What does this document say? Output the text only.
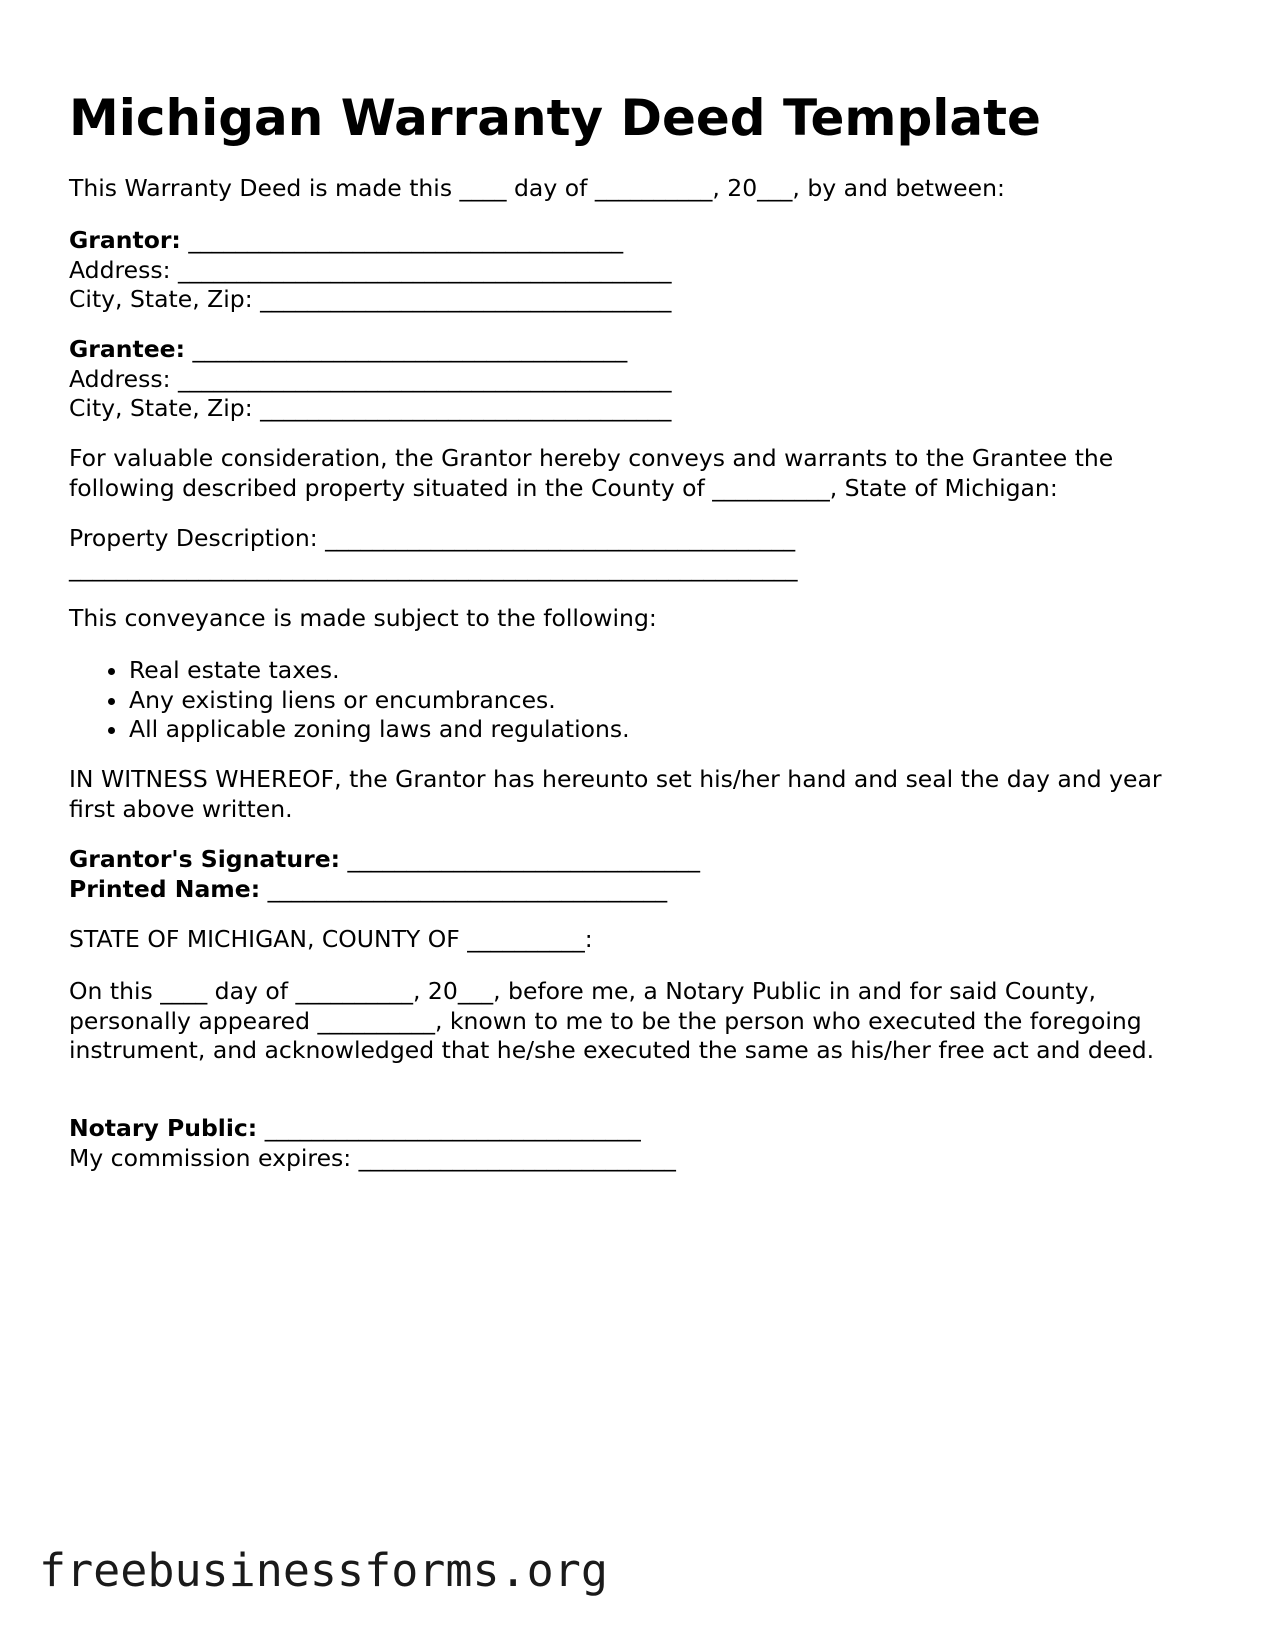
Michigan Warranty Deed Template

This Warranty Deed is made this ____ day of __________, 20___, by and between:

Grantor: _____________________________________
Address: __________________________________________
City, State, Zip: ___________________________________
Grantee: _____________________________________
Address: __________________________________________
City, State, Zip: ___________________________________

For valuable consideration, the Grantor hereby conveys and warrants to the Grantee the following described property situated in the County of __________, State of Michigan:

Property Description: ________________________________________
______________________________________________________________

This conveyance is made subject to the following:

• Real estate taxes.
• Any existing liens or encumbrances.
• All applicable zoning laws and regulations.

IN WITNESS WHEREOF, the Grantor has hereunto set his/her hand and seal the day and year first above written.

Grantor's Signature: ______________________________
Printed Name: __________________________________

STATE OF MICHIGAN, COUNTY OF __________:

On this ____ day of __________, 20___, before me, a Notary Public in and for said County, personally appeared __________, known to me to be the person who executed the foregoing instrument, and acknowledged that he/she executed the same as his/her free act and deed.

Notary Public: ________________________________
My commission expires: ___________________________
freebusinessforms.org
